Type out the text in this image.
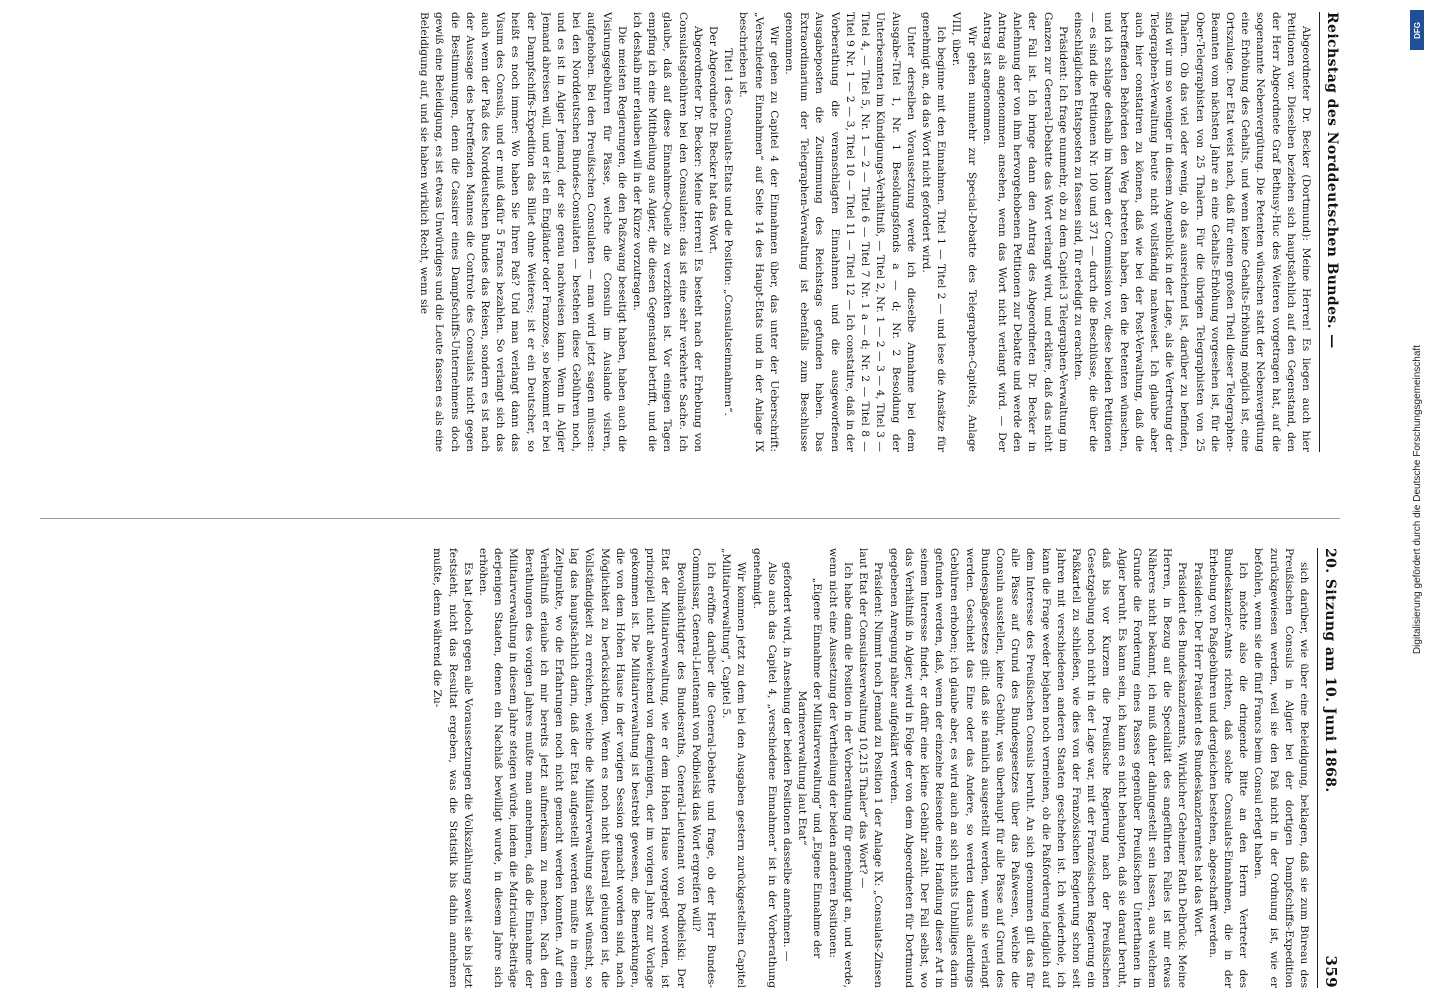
Reichstag des Norddeutschen Bundes. —

Abgeordneter Dr. Becker (Dortmund): Meine Herren! Es liegen auch hier Petitionen vor. Dieselben beziehen sich hauptsächlich auf den Gegenstand, den der Herr Abgeordnete Graf Bethusy-Huc des Weiteren vorgetragen hat, auf die sogenannte Nebenvergütung. Die Petenten wünschen statt der Nebenvergütung eine Erhöhung des Gehalts, und wenn keine Gehalts-Erhöhung möglich ist, eine Ortszulage. Der Etat weist nach, daß für einen großen Theil dieser Telegraphen-Beamten vom nächsten Jahre an eine Gehalts-Erhöhung vorgesehen ist, für die Ober-Telegraphisten von 25 Thalern. Für die übrigen Telegraphisten von 25 Thalern. Ob das viel oder wenig, ob das ausreichend ist, darüber zu befinden, sind wir um so weniger in diesem Augenblick in der Lage, als die Vertretung der Telegraphen-Verwaltung heute nicht vollständig nachweiset. Ich glaube aber auch hier constatiren zu können, daß wie bei der Post-Verwaltung, daß die betreffenden Behörden den Weg betreten haben, den die Petenten wünschen, und ich schlage deshalb im Namen der Commission vor, diese beiden Petitionen — es sind die Petitionen Nr. 100 und 371 — durch die Beschlüsse, die über die einschläglichen Etatsposten zu fassen sind, für erledigt zu erachten.

Präsident: Ich frage nunmehr, ob zu dem Capitel 3 Telegraphen-Verwaltung im Ganzen zur General-Debatte das Wort verlangt wird, und erkläre, daß das nicht der Fall ist. Ich bringe dann den Antrag des Abgeordneten Dr. Becker in Anlehnung der von ihm hervorgehobenen Petitionen zur Debatte und werde den Antrag als angenommen ansehen, wenn das Wort nicht verlangt wird. — Der Antrag ist angenommen.

Wir gehen nunmehr zur Special-Debatte des Telegraphen-Capitels, Anlage VIII, über.

Ich beginne mit den Einnahmen. Titel 1 — Titel 2 — und lese die Ansätze für genehmigt an, da das Wort nicht gefordert wird.

Unter derselben Voraussetzung werde ich dieselbe Annahme bei dem Ausgabe-Titel 1, Nr. 1 Besoldungsfonds a — d; Nr. 2 Besoldung der Unterbeamten im Kündigungs-Verhältniß, — Titel 2, Nr. 1 — 2 — 3 — 4, Titel 3 — Titel 4, — Titel 5, Nr. 1 — 2 — Titel 6 — Titel 7 Nr. 1 a — d; Nr. 2 — Titel 8 — Titel 9 Nr. 1 — 2 — 3, Titel 10 — Titel 11 — Titel 12 — Ich constatire, daß in der Vorberathung die veranschlagten Einnahmen und die ausgeworfenen Ausgabeposten die Zustimmung des Reichstags gefunden haben. Das Extraordinarium der Telegraphen-Verwaltung ist ebenfalls zum Beschlusse genommen.

Wir gehen zu Capitel 4 der Einnahmen über, das unter der Ueberschrift: „Verschiedene Einnahmen“ auf Seite 14 des Haupt-Etats und in der Anlage IX beschrieben ist.

Titel 1 des Consulats-Etats und die Position: „Consulatseinnahmen“.

Der Abgeordnete Dr. Becker hat das Wort.

Abgeordneter Dr. Becker: Meine Herren! Es besteht nach der Erhebung von Consulatsgebühren bei den Consulaten: das ist eine sehr verkehrte Sache. Ich glaube, daß auf diese Einnahme-Quelle zu verzichten ist. Vor einigen Tagen empfing ich eine Mittheilung aus Algier, die diesen Gegenstand betrifft, und die ich deshalb mir erlauben will in der Kürze vorzutragen.

Die meisten Regierungen, die den Paßzwang beseitigt haben, haben auch die Visirungsgebühren für Pässe, welche die Consuln im Auslande visiren, aufgehoben. Bei den Preußischen Consulaten — man wird jetzt sagen müssen: bei den Norddeutschen Bundes-Consulaten — bestehen diese Gebühren noch, und es ist in Algier Jemand, der sie genau nachweisen kann. Wenn in Algier Jemand abreisen will, und er ist ein Engländer oder Franzose, so bekommt er bei der Dampfschiffs-Expedition das Billet ohne Weiteres; ist er ein Deutscher, so heißt es noch immer: Wo haben Sie Ihren Paß? Und man verlangt dann das Visum des Consuls, und er muß dafür 5 Francs bezahlen. So verlangt sich das auch wenn der Paß des Norddeutschen Bundes das Reisen, sondern es ist nach der Aussage des betreffenden Mannes die Controle des Consulats nicht gegen die Bestimmungen, denn die Cassirer eines Dampfschiffs-Unternehmens doch gewiß eine Beleidigung, es ist etwas Unwürdiges und die Leute fassen es als eine Beleidigung auf, und sie haben wirklich Recht, wenn sie

20. Sitzung am 10. Juni 1868.
359

sich darüber, wie über eine Beleidigung, beklagen, daß sie zum Büreau des Preußischen Consuls in Algier bei der dortigen Dampfschiffs-Expedition zurückgewiesen werden, weil sie den Paß nicht in der Ordnung ist, wie er befohlen, wenn sie die fünf Francs beim Consul erlegt haben.

Ich möchte also die dringende Bitte an den Herrn Vertreter des Bundeskanzler-Amts richten, daß solche Consulats-Einnahmen, die in der Erhebung von Paßgebühren und dergleichen bestehen, abgeschafft werden.

Präsident: Der Herr Präsident des Bundeskanzleramtes hat das Wort.

Präsident des Bundeskanzleramts, Wirklicher Geheimer Rath Delbrück: Meine Herren, in Bezug auf die Specialität des angeführten Falles ist mir etwas Näheres nicht bekannt, ich muß daher dahingestellt sein lassen, aus welchem Grunde die Forderung eines Passes gegenüber Preußischen Unterthanen in Algier beruht. Es kann sein, ich kann es nicht behaupten, daß sie darauf beruht, daß bis vor Kurzem die Preußische Regierung nach der Preußischen Gesetzgebung noch nicht in der Lage war, mit der Französischen Regierung ein Paßkartell zu schließen, wie dies von der Französischen Regierung schon seit Jahren mit verschiedenen anderen Staaten geschehen ist. Ich wiederhole, ich kann die Frage weder bejahen noch verneinen, ob die Paßforderung lediglich auf dem Interesse des Preußischen Consuls beruht. An sich genommen gilt das für alle Pässe auf Grund des Bundesgesetzes über das Paßwesen, welche die Consuln ausstellen, keine Gebühr, was überhaupt für alle Pässe auf Grund des Bundespaßgesetzes gilt: daß sie nämlich ausgestellt werden, wenn sie verlangt werden. Geschieht das Eine oder das Andere, so werden daraus allerdings Gebühren erhoben; ich glaube aber, es wird auch an sich nichts Unbilliges darin gefunden werden, daß, wenn der einzelne Reisende eine Handlung dieser Art in seinem Interesse findet, er dafür eine kleine Gebühr zahlt. Der Fall selbst, wo das Verhältniß in Algier, wird in Folge der von dem Abgeordneten für Dortmund gegebenen Anregung näher aufgeklärt werden.

Präsident: Nimmt noch Jemand zu Position 1 der Anlage IX: „Consulats-Zinsen laut Etat der Consulatsverwaltung 10,215 Thaler“ das Wort? —

Ich habe dann die Position in der Vorberathung für genehmigt an, und werde, wenn nicht eine Aussetzung der Vertheilung der beiden anderen Positionen:

„Eigene Einnahme der Militairverwaltung“ und „Eigene Einnahme der Marineverwaltung laut Etat“

gefordert wird, in Ansehung der beiden Positionen dasselbe annehmen. —

Also auch das Capitel 4, „verschiedene Einnahmen“ ist in der Vorberathung genehmigt.

Wir kommen jetzt zu dem bei den Ausgaben gestern zurückgestellten Capitel „Militairverwaltung“, Capitel 5.

Ich eröffne darüber die General-Debatte und frage, ob der Herr Bundes-Commissar, General-Lieutenant von Podbielski das Wort ergreifen will?

Bevollmächtigter des Bundesraths, General-Lieutenant von Podbielski: Der Etat der Militairverwaltung, wie er dem Hohen Hause vorgelegt worden, ist principiell nicht abweichend von demjenigen, der im vorigen Jahre zur Vorlage gekommen ist. Die Militairverwaltung ist bestrebt gewesen, die Bemerkungen, die von dem Hohen Hause in der vorigen Session gemacht worden sind, nach Möglichkeit zu berücksichtigen. Wenn es noch nicht überall gelungen ist, die Vollständigkeit zu erreichen, welche die Militairverwaltung selbst wünscht, so lag das hauptsächlich darin, daß der Etat aufgestellt werden mußte in einem Zeitpunkte, wo die Erfahrungen noch nicht gemacht werden konnten. Auf ein Verhältniß erlaube ich mir bereits jetzt aufmerksam zu machen. Nach den Berathungen des vorigen Jahres mußte man annehmen, daß die Einnahme der Militairverwaltung in diesem Jahre steigen würde, indem die Matricular-Beiträge derjenigen Staaten, denen ein Nachlaß bewilligt wurde, in diesem Jahre sich erhöhen.

Es hat jedoch gegen alle Voraussetzungen die Volkszählung soweit sie bis jetzt festsieht, nicht das Resultat ergeben, was die Statistik bis dahin annehmen mußte, denn während die Zu-

DFG
Digitalisierung gefördert durch die Deutsche Forschungsgemeinschaft
